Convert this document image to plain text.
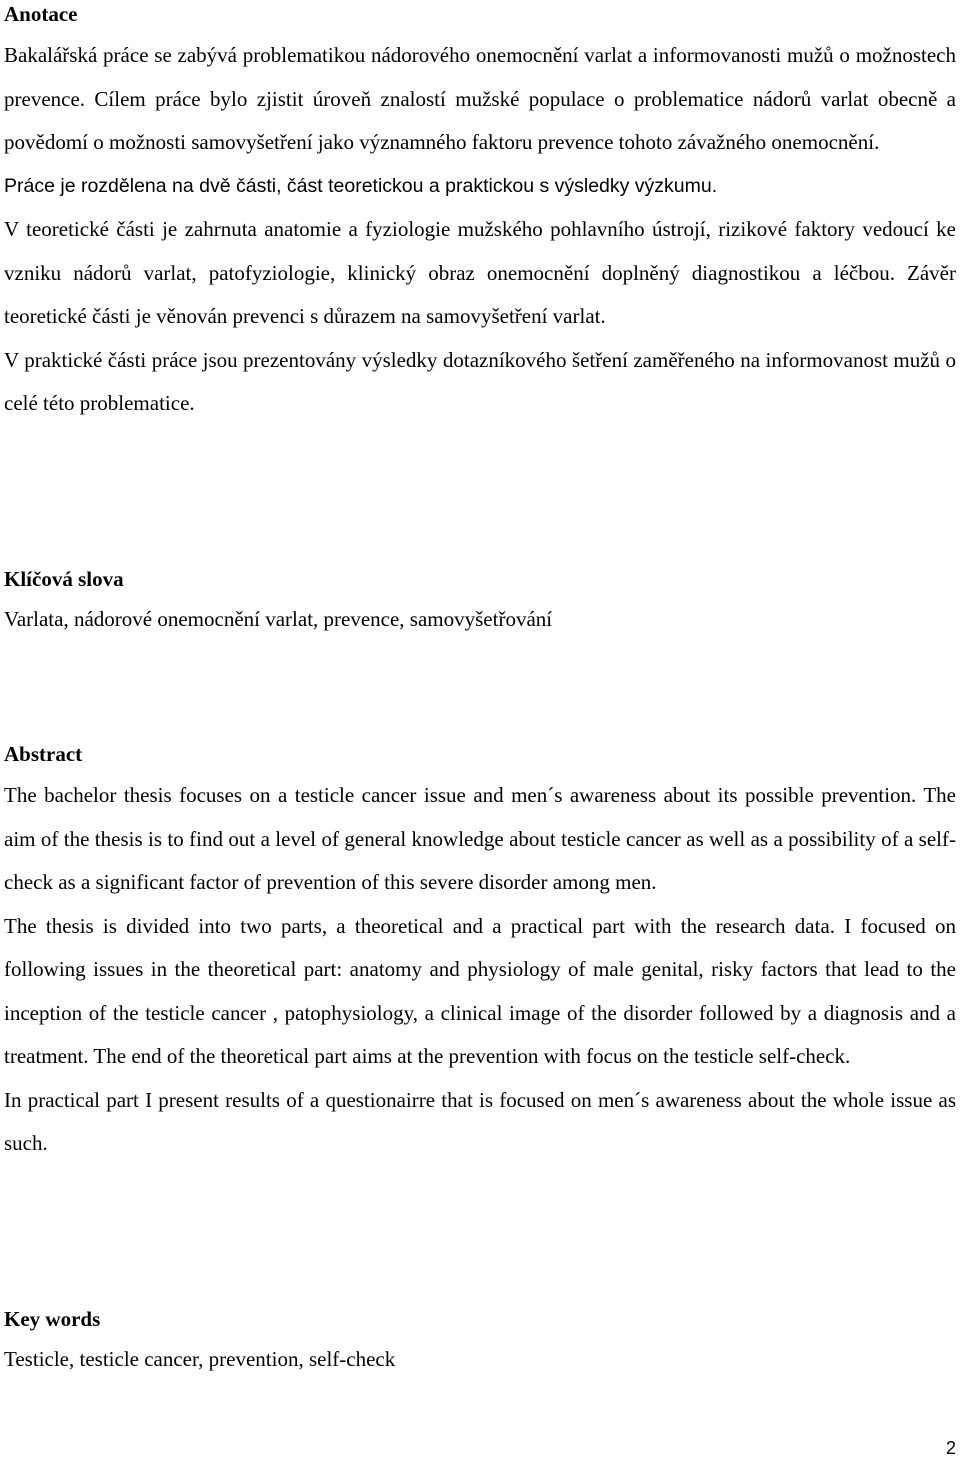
Anotace

Bakalářská práce se zabývá problematikou nádorového onemocnění varlat a informovanosti mužů o možnostech prevence. Cílem práce bylo zjistit úroveň znalostí mužské populace o problematice nádorů varlat obecně a povědomí o možnosti samovyšetření jako významného faktoru prevence tohoto závažného onemocnění.

Práce je rozdělena na dvě části, část teoretickou a praktickou s výsledky výzkumu.

V teoretické části je zahrnuta anatomie a fyziologie mužského pohlavního ústrojí, rizikové faktory vedoucí ke vzniku nádorů varlat, patofyziologie, klinický obraz onemocnění doplněný diagnostikou a léčbou. Závěr teoretické části je věnován prevenci s důrazem na samovyšetření varlat.

V praktické části práce jsou prezentovány výsledky dotazníkového šetření zaměřeného na informovanost mužů o celé této problematice.

Klíčová slova

Varlata, nádorové onemocnění varlat, prevence, samovyšetřování

Abstract

The bachelor thesis focuses on a testicle cancer issue and men´s awareness about its possible prevention. The aim of the thesis is to find out a level of general knowledge about testicle cancer as well as a possibility of a self-check as a significant factor of prevention of this severe disorder among men.

The thesis is divided into two parts, a theoretical and a practical part with the research data. I focused on following issues in the theoretical part: anatomy and physiology of male genital, risky factors that lead to the inception of the testicle cancer , patophysiology, a clinical image of the disorder followed by a diagnosis and a treatment. The end of the theoretical part aims at the prevention with focus on the testicle self-check.

In practical part I present results of a questionairre that is focused on men´s awareness about the whole issue as such.

Key words

Testicle, testicle cancer, prevention, self-check

2
